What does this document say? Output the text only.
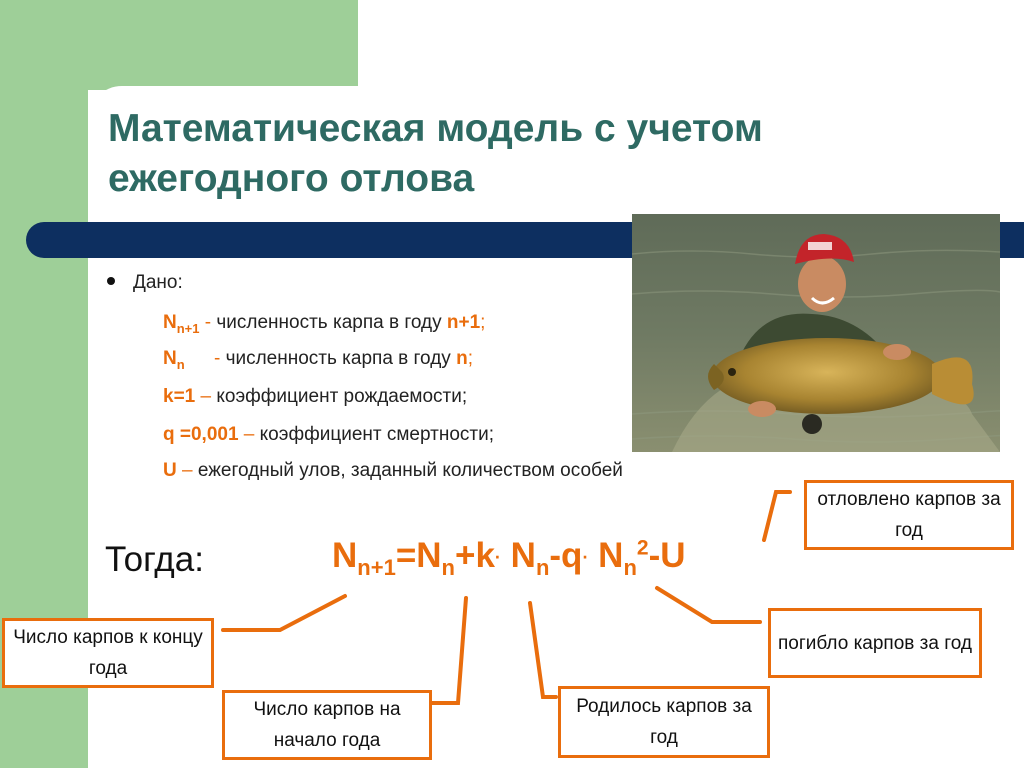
Математическая модель с учетом ежегодного отлова
Дано:
$N_{n+1}$ - численность карпа в году n+1;
$N_n$ - численность карпа в году n;
k=1 – коэффициент рождаемости;
q =0,001 – коэффициент смертности;
U – ежегодный улов, заданный количеством особей
Тогда:	$N_{n+1}=N_n+k\cdot N_n-q\cdot N_n^2-U$
отловлено карпов за год
Число карпов к концу года
погибло карпов за год
Число карпов на начало года
Родилось карпов за год
